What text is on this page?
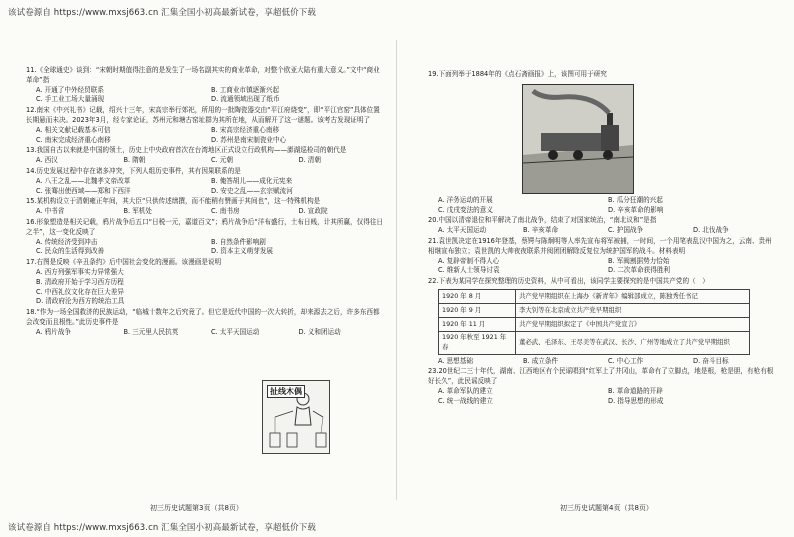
该试卷源自 https://www.mxsj663.cn 汇集全国小初高最新试卷，享超低价下载
11.《全球通史》谈到：“宋朝时期值得注意的是发生了一场名副其实的商业革命，对整个欧亚大陆有重大意义。”文中“商业革命”指
A. 开通了中外经贸联系	B. 工商业市镇逐渐兴起
C. 手工业工场大量涌现	D. 流通领域出现了纸币
12.南宋《中兴礼书》记载，绍兴十三年，宋高宗举行郊祀，所用的一批陶瓷器交由“平江府烧变”，即“平江官窑”具体位置长期悬而未决。2023年3月，经专家论证，苏州元和塘古窑址群为其所在地，从而解开了这一谜题。该考古发现证明了
A. 相关文献记载基本可信	B. 宋高宗经济重心南移
C. 南宋完成经济重心南移	D. 苏州是南宋制瓷业中心
13.我国自古以来就是中国的领土，历史上中央政府首次在台湾地区正式设立行政机构——澎湖巡检司的朝代是
A. 西汉	B. 隋朝	C. 元朝	D. 清朝
14.历史发展过程中存在诸多冲突，下列人组历史事件，其有因果联系的是
A. 八王之乱——北魏孝文帝改革	B. 俺答胡儿——成化元宪来
C. 张骞出使西域——郑和下西洋	D. 安史之乱——玄宗赋流河
15.某机构设立于清朝雍正年间，其大臣“只供传述缮撰，而不能稍有赞画于其间也”，这一特殊机构是
A. 中书省	B. 军机处	C. 南书房	D. 宣政院
16.形象塑造是相关记载，鸦片战争后五口“日税一元，嘉道百文”；鸦片战争后“洋布盛行，土布日贱，计其所赢，仅得往日之半”，这一变化反映了
A. 传统经济受到冲击	B. 自然条件影响剧
C. 民众的生活得到改善	D. 资本主义萌芽发展
17.右图是反映《辛丑条约》后中国社会变化的漫画。该漫画是说明
A. 西方列强军事实力异常强大
B. 清政府开始于学习西方历程
C. 中西礼仪文化存在巨大差异
D. 清政府沦为西方的统治工具
18.“作为一场全国救济的民族运动，“临城十数年之后究竟了。但它是近代中国的一次大转折，却来源去之后，许多东西都会改变而且根性。”此历史事件是
A. 鸦片战争	B. 三元里人民抗英	C. 太平天国运动	D. 义和团运动
扯线木偶
19.下面列举于1884年的《点石斋画报》上，该图可用于研究
A. 洋务运动的开展	B. 瓜分狂潮的兴起
C. 戊戌变法的意义	D. 辛亥革命的影响
20.中国以清帝退位和平解决了南北战争，结束了对国家统治，“南北议和”是指
A. 太平天国运动	B. 辛亥革命	C. 护国战争	D. 北伐战争
21.袁世凯决定在1916年登基，蔡锷与陈炯明等人率先宣布将军被捕，一时间，一个用笔表乱汉中国为之，云南、贵州相继宣布独立；袁世凯的大帅夜夜联系并阅团团解除反复位为统护国军的战斗。材料表明
A. 复辟帝制不得人心	B. 军阀割据势力恰始
C. 维新人士领导讨袁	D. 二次革命获得胜利
22.下表为某同学在探究整理的历史资料，从中可看出，该同学主要探究的是中国共产党的（　）
1920 年 8 月	共产党早期组织在上海办《新青年》编辑部成立，陈独秀任书记
1920 年 9 月	李大钊等在北京成立共产党早期组织
1920 年 11 月	共产党早期组织拟定了《中国共产党宣言》
1920 年秋至 1921 年春	董必武、毛泽东、王尽美等在武汉、长沙、广州等地成立了共产党早期组织
A. 思想基础	B. 成立条件	C. 中心工作	D. 奋斗目标
23.20世纪二三十年代，湖南、江西地区有个民谣唱到“红军上了井冈山，革命有了立脚点，地是根，枪是胆，有枪有根好长久”，此民谣反映了
A. 革命军队的建立	B. 革命道路的开辟
C. 统一战线的建立	D. 指导思想的形成
初三历史试题第3页（共8页）	初三历史试题第4页（共8页）
该试卷源自 https://www.mxsj663.cn 汇集全国小初高最新试卷，享超低价下载
